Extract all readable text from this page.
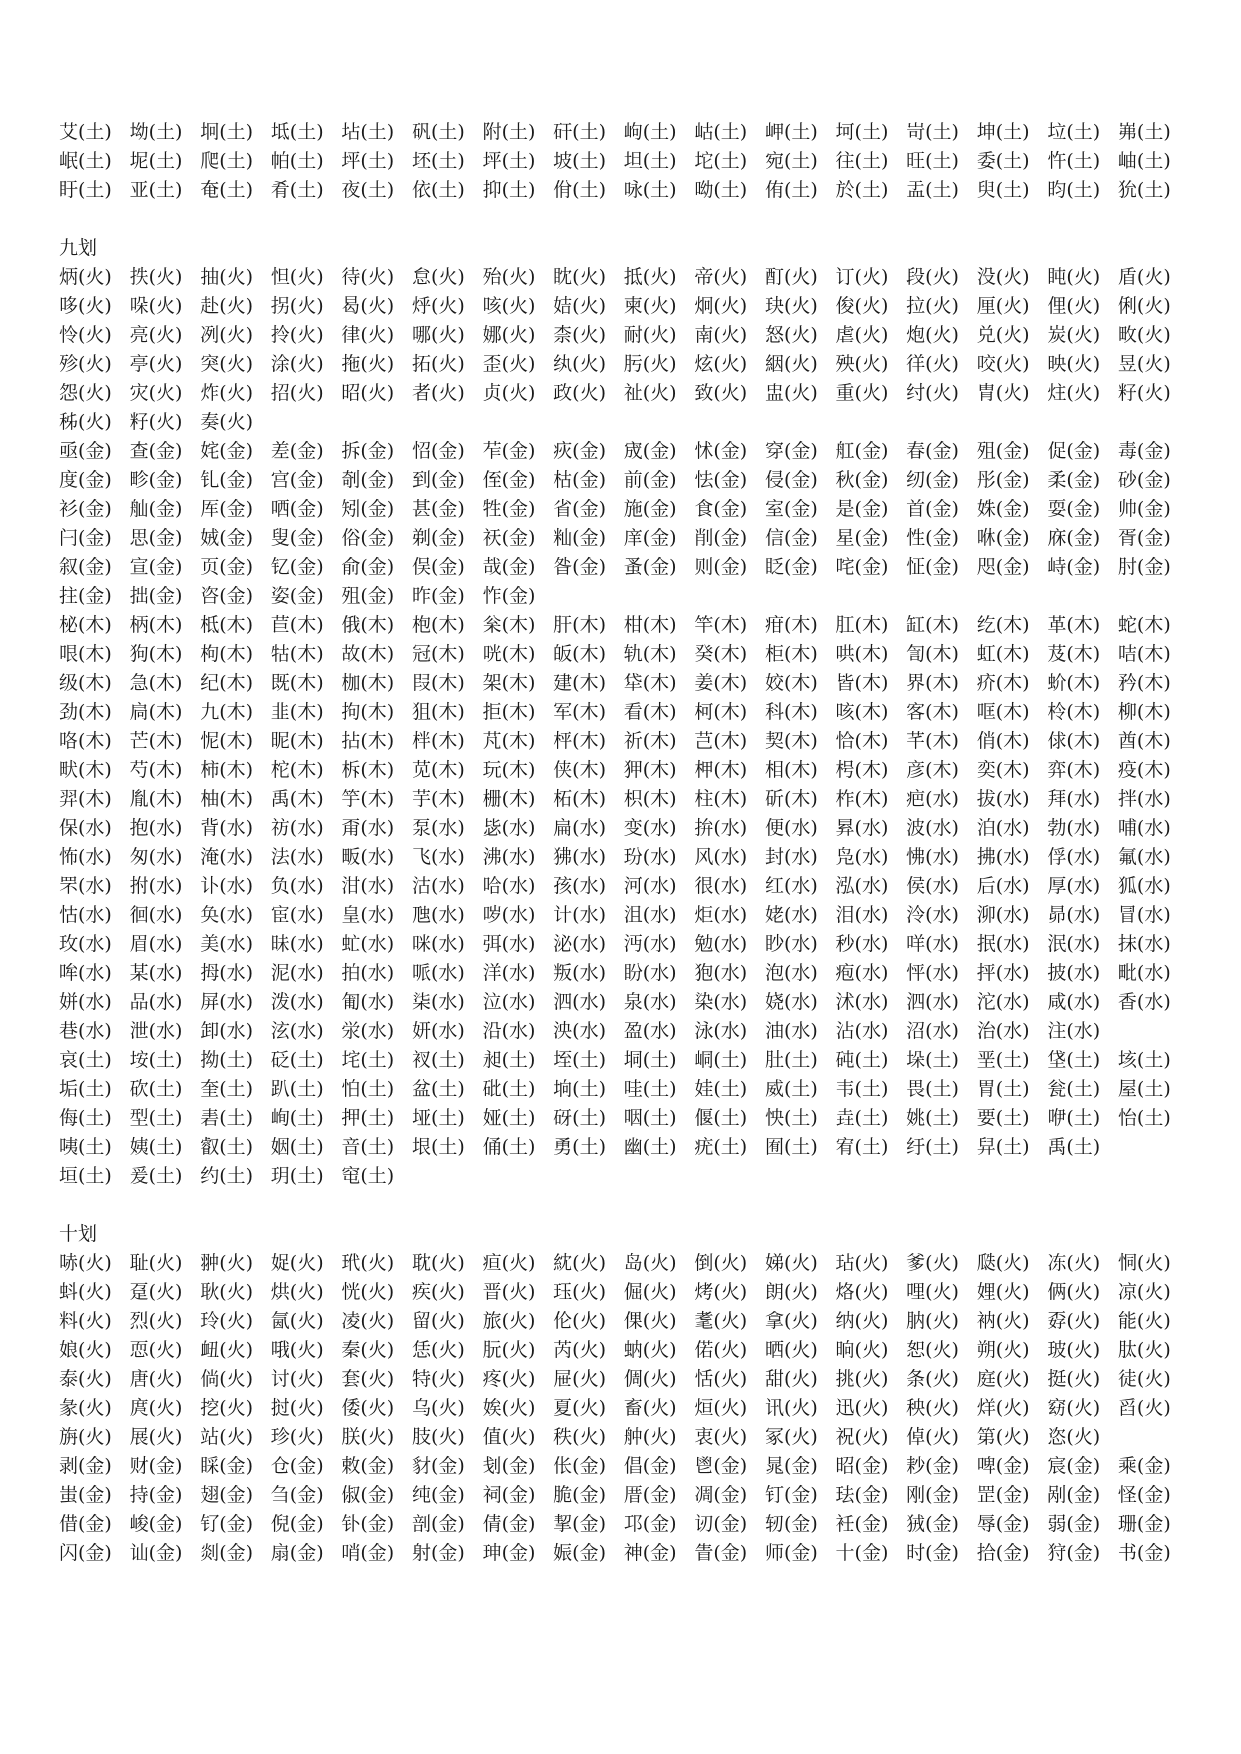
艾(土) 坳(土) 坰(土) 坻(土) 坫(土) 矾(土) 附(土) 矸(土) 岣(土) 岵(土) 岬(土) 坷(土) 岢(土) 坤(土) 垃(土) 岪(土)
岷(土) 坭(土) 爬(土) 帕(土) 坪(土) 坯(土) 坪(土) 坡(土) 坦(土) 坨(土) 宛(土) 往(土) 旺(土) 委(土) 忤(土) 岫(土)
盱(土) 亚(土) 奄(土) 肴(土) 夜(土) 依(土) 抑(土) 佾(土) 咏(土) 呦(土) 侑(土) 於(土) 盂(土) 臾(土) 昀(土) 狁(土)
九划
炳(火) 抶(火) 抽(火) 怛(火) 待(火) 怠(火) 殆(火) 眈(火) 抵(火) 帝(火) 酊(火) 订(火) 段(火) 没(火) 盹(火) 盾(火)
哆(火) 哚(火) 赴(火) 拐(火) 曷(火) 烀(火) 咳(火) 姞(火) 柬(火) 炯(火) 玦(火) 俊(火) 拉(火) 厘(火) 俚(火) 俐(火)
怜(火) 亮(火) 冽(火) 拎(火) 律(火) 哪(火) 娜(火) 柰(火) 耐(火) 南(火) 怒(火) 虐(火) 炮(火) 兑(火) 炭(火) 畋(火)
殄(火) 亭(火) 突(火) 涂(火) 拖(火) 拓(火) 歪(火) 纨(火) 肟(火) 炫(火) 絪(火) 殃(火) 徉(火) 咬(火) 映(火) 昱(火)
怨(火) 灾(火) 炸(火) 招(火) 昭(火) 者(火) 贞(火) 政(火) 祉(火) 致(火) 盅(火) 重(火) 纣(火) 胄(火) 炷(火) 籽(火)
秭(火) 籽(火) 奏(火)
亟(金) 查(金) 姹(金) 差(金) 拆(金) 怊(金) 苲(金) 疢(金) 宬(金) 怵(金) 穿(金) 舡(金) 春(金) 殂(金) 促(金) 毒(金)
度(金) 畛(金) 钆(金) 宫(金) 剞(金) 到(金) 侄(金) 枯(金) 前(金) 怯(金) 侵(金) 秋(金) 纫(金) 彤(金) 柔(金) 砂(金)
衫(金) 舢(金) 厍(金) 哂(金) 矧(金) 甚(金) 牲(金) 省(金) 施(金) 食(金) 室(金) 是(金) 首(金) 姝(金) 耍(金) 帅(金)
闩(金) 思(金) 娀(金) 叟(金) 俗(金) 剃(金) 祆(金) 籼(金) 庠(金) 削(金) 信(金) 星(金) 性(金) 咻(金) 庥(金) 胥(金)
叙(金) 宣(金) 页(金) 钇(金) 俞(金) 俣(金) 哉(金) 昝(金) 蚤(金) 则(金) 眨(金) 咤(金) 怔(金) 咫(金) 峙(金) 肘(金)
拄(金) 拙(金) 咨(金) 姿(金) 殂(金) 昨(金) 怍(金)
柲(木) 柄(木) 柢(木) 苣(木) 俄(木) 枹(木) 枀(木) 肝(木) 柑(木) 竿(木) 疳(木) 肛(木) 缸(木) 纥(木) 革(木) 蛇(木)
哏(木) 狗(木) 枸(木) 牯(木) 故(木) 冠(木) 咣(木) 皈(木) 轨(木) 癸(木) 柜(木) 哄(木) 訇(木) 虹(木) 芨(木) 咭(木)
级(木) 急(木) 纪(木) 既(木) 枷(木) 叚(木) 架(木) 建(木) 牮(木) 姜(木) 姣(木) 皆(木) 界(木) 疥(木) 蚧(木) 矜(木)
劲(木) 扃(木) 九(木) 韭(木) 拘(木) 狙(木) 拒(木) 军(木) 看(木) 柯(木) 科(木) 咳(木) 客(木) 哐(木) 柃(木) 柳(木)
咯(木) 芒(木) 怩(木) 昵(木) 拈(木) 柈(木) 芃(木) 枰(木) 祈(木) 芑(木) 契(木) 恰(木) 芊(木) 俏(木) 俅(木) 酋(木)
畎(木) 芍(木) 柿(木) 柁(木) 柝(木) 苋(木) 玩(木) 侠(木) 狎(木) 柙(木) 相(木) 枵(木) 彦(木) 奕(木) 弈(木) 疫(木)
羿(木) 胤(木) 柚(木) 禹(木) 竽(木) 芋(木) 栅(木) 柘(木) 枳(木) 柱(木) 斫(木) 柞(木) 疤(水) 拔(水) 拜(水) 拌(水)
保(水) 抱(水) 背(水) 祊(水) 甭(水) 泵(水) 毖(水) 扁(水) 变(水) 拚(水) 便(水) 昪(水) 波(水) 泊(水) 勃(水) 哺(水)
怖(水) 匆(水) 淹(水) 法(水) 畈(水) 飞(水) 沸(水) 狒(水) 玢(水) 风(水) 封(水) 凫(水) 怫(水) 拂(水) 俘(水) 氟(水)
罘(水) 拊(水) 讣(水) 负(水) 泔(水) 沽(水) 哈(水) 孩(水) 河(水) 很(水) 红(水) 泓(水) 侯(水) 后(水) 厚(水) 狐(水)
怙(水) 徊(水) 奂(水) 宦(水) 皇(水) 虺(水) 哕(水) 计(水) 沮(水) 炬(水) 姥(水) 泪(水) 泠(水) 泖(水) 昴(水) 冒(水)
玫(水) 眉(水) 美(水) 昧(水) 虻(水) 咪(水) 弭(水) 泌(水) 沔(水) 勉(水) 眇(水) 秒(水) 咩(水) 抿(水) 泯(水) 抹(水)
哞(水) 某(水) 拇(水) 泥(水) 拍(水) 哌(水) 洋(水) 叛(水) 盼(水) 狍(水) 泡(水) 疱(水) 怦(水) 抨(水) 披(水) 毗(水)
姘(水) 品(水) 屏(水) 泼(水) 匍(水) 柒(水) 泣(水) 泗(水) 泉(水) 染(水) 娆(水) 沭(水) 泗(水) 沱(水) 咸(水) 香(水)
巷(水) 泄(水) 卸(水) 泫(水) 泶(水) 妍(水) 沿(水) 泱(水) 盈(水) 泳(水) 油(水) 沾(水) 沼(水) 治(水) 注(水)
哀(土) 垵(土) 拗(土) 砭(土) 垞(土) 衩(土) 昶(土) 垤(土) 垌(土) 峒(土) 肚(土) 砘(土) 垛(土) 垩(土) 垡(土) 垓(土)
垢(土) 砍(土) 奎(土) 趴(土) 怕(土) 盆(土) 砒(土) 垧(土) 哇(土) 娃(土) 威(土) 韦(土) 畏(土) 胃(土) 瓮(土) 屋(土)
侮(土) 型(土) 砉(土) 峋(土) 押(土) 垭(土) 娅(土) 砑(土) 咽(土) 偃(土) 怏(土) 垚(土) 姚(土) 要(土) 咿(土) 怡(土)
咦(土) 姨(土) 叡(土) 姻(土) 音(土) 垠(土) 俑(土) 勇(土) 幽(土) 疣(土) 囿(土) 宥(土) 纡(土) 舁(土) 禹(土)
垣(土) 爰(土) 约(土) 玥(土) 窀(土)
十划
哧(火) 耻(火) 翀(火) 娖(火) 玳(火) 耽(火) 疸(火) 紞(火) 岛(火) 倒(火) 娣(火) 玷(火) 爹(火) 瓞(火) 冻(火) 恫(火)
蚪(火) 趸(火) 耿(火) 烘(火) 恍(火) 疾(火) 晋(火) 珏(火) 倔(火) 烤(火) 朗(火) 烙(火) 哩(火) 娌(火) 俩(火) 凉(火)
料(火) 烈(火) 玲(火) 氤(火) 凌(火) 留(火) 旅(火) 伦(火) 倮(火) 耄(火) 拿(火) 纳(火) 肭(火) 衲(火) 孬(火) 能(火)
娘(火) 恧(火) 衄(火) 哦(火) 秦(火) 恁(火) 朊(火) 芮(火) 蚋(火) 偌(火) 晒(火) 晌(火) 恕(火) 朔(火) 玻(火) 肽(火)
泰(火) 唐(火) 倘(火) 讨(火) 套(火) 特(火) 疼(火) 屉(火) 倜(火) 恬(火) 甜(火) 挑(火) 条(火) 庭(火) 挺(火) 徒(火)
彖(火) 庹(火) 挖(火) 挝(火) 倭(火) 乌(火) 娭(火) 夏(火) 畜(火) 烜(火) 讯(火) 迅(火) 秧(火) 烊(火) 窈(火) 舀(火)
旃(火) 展(火) 站(火) 珍(火) 朕(火) 肢(火) 值(火) 秩(火) 舯(火) 衷(火) 冢(火) 祝(火) 倬(火) 第(火) 恣(火)
剥(金) 财(金) 睬(金) 仓(金) 敕(金) 豺(金) 刬(金) 伥(金) 倡(金) 鬯(金) 晁(金) 昭(金) 耖(金) 啤(金) 宸(金) 乘(金)
蚩(金) 持(金) 翅(金) 刍(金) 俶(金) 纯(金) 祠(金) 脆(金) 厝(金) 凋(金) 钉(金) 珐(金) 刚(金) 罡(金) 剐(金) 怪(金)
借(金) 峻(金) 钌(金) 倪(金) 钋(金) 剖(金) 倩(金) 挈(金) 邛(金) 讱(金) 轫(金) 衽(金) 狨(金) 辱(金) 弱(金) 珊(金)
闪(金) 讪(金) 剡(金) 扇(金) 哨(金) 射(金) 珅(金) 娠(金) 神(金) 眚(金) 师(金) 十(金) 时(金) 拾(金) 狩(金) 书(金)
